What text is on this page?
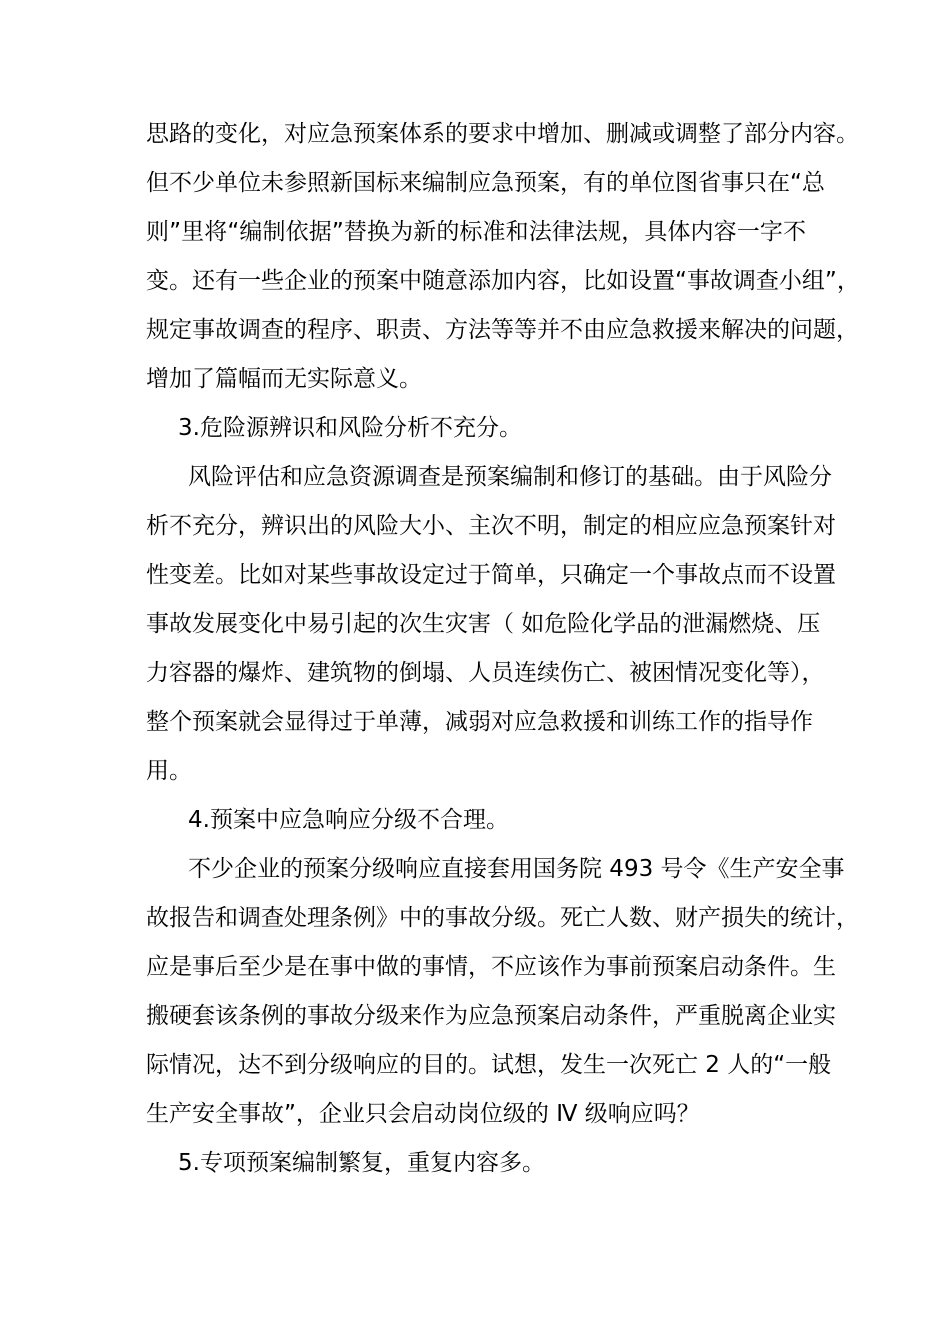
思路的变化，对应急预案体系的要求中增加、删减或调整了部分内容。
但不少单位未参照新国标来编制应急预案，有的单位图省事只在“总
则”里将“编制依据”替换为新的标准和法律法规，具体内容一字不
变。还有一些企业的预案中随意添加内容，比如设置“事故调查小组”，
规定事故调查的程序、职责、方法等等并不由应急救援来解决的问题，
增加了篇幅而无实际意义。
3.危险源辨识和风险分析不充分。
风险评估和应急资源调查是预案编制和修订的基础。由于风险分
析不充分，辨识出的风险大小、主次不明，制定的相应应急预案针对
性变差。比如对某些事故设定过于简单，只确定一个事故点而不设置
事故发展变化中易引起的次生灾害（ 如危险化学品的泄漏燃烧、压
力容器的爆炸、建筑物的倒塌、人员连续伤亡、被困情况变化等），
整个预案就会显得过于单薄，减弱对应急救援和训练工作的指导作
用。
4.预案中应急响应分级不合理。
不少企业的预案分级响应直接套用国务院 493 号令《生产安全事
故报告和调查处理条例》中的事故分级。死亡人数、财产损失的统计，
应是事后至少是在事中做的事情，不应该作为事前预案启动条件。生
搬硬套该条例的事故分级来作为应急预案启动条件，严重脱离企业实
际情况，达不到分级响应的目的。试想，发生一次死亡 2 人的“一般
生产安全事故”，企业只会启动岗位级的 Ⅳ 级响应吗？
5.专项预案编制繁复，重复内容多。
